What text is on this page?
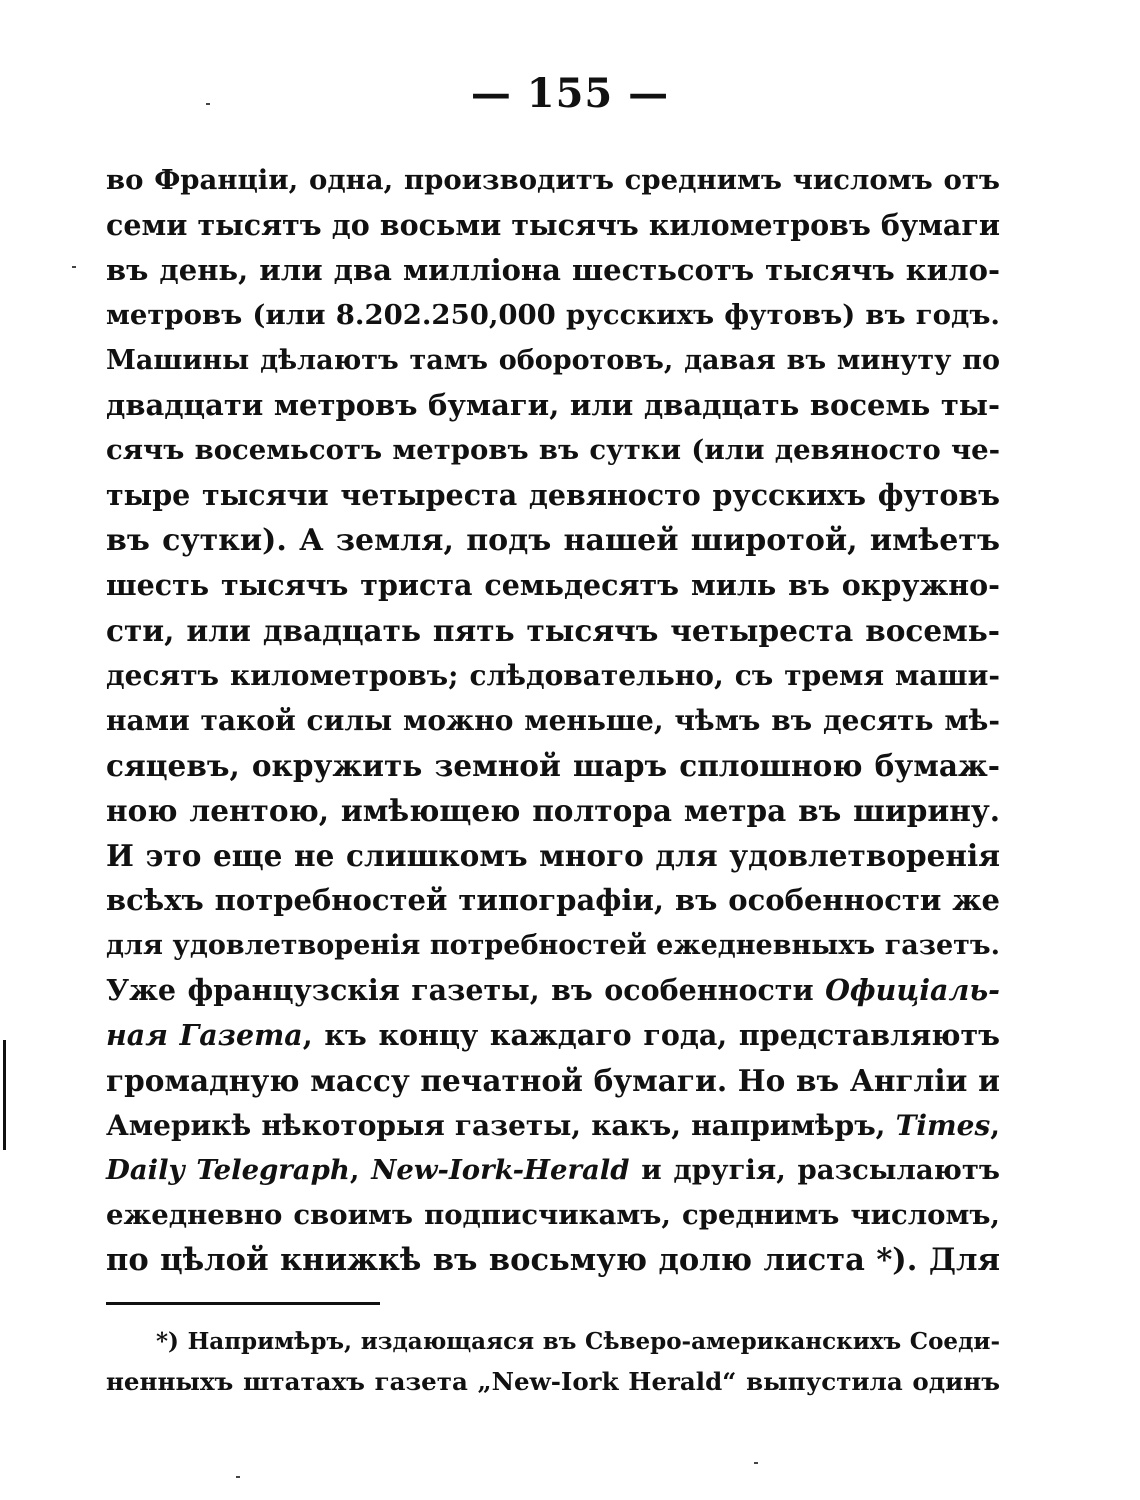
— 155 —
во Франціи, одна, производитъ среднимъ числомъ отъ
семи тысятъ до восьми тысячъ километровъ бумаги
въ день, или два милліона шестьсотъ тысячъ кило-
метровъ (или 8.202.250,000 русскихъ футовъ) въ годъ.
Машины дѣлаютъ тамъ оборотовъ, давая въ минуту по
двадцати метровъ бумаги, или двадцать восемь ты-
сячъ восемьсотъ метровъ въ сутки (или девяносто че-
тыре тысячи четыреста девяносто русскихъ футовъ
въ сутки). А земля, подъ нашей широтой, имѣетъ
шесть тысячъ триста семьдесятъ миль въ окружно-
сти, или двадцать пять тысячъ четыреста восемь-
десятъ километровъ; слѣдовательно, съ тремя маши-
нами такой силы можно меньше, чѣмъ въ десять мѣ-
сяцевъ, окружить земной шаръ сплошною бумаж-
ною лентою, имѣющею полтора метра въ ширину.
И это еще не слишкомъ много для удовлетворенія
всѣхъ потребностей типографіи, въ особенности же
для удовлетворенія потребностей ежедневныхъ газетъ.
Уже французскія газеты, въ особенности Офиціаль-
ная Газета, къ концу каждаго года, представляютъ
громадную массу печатной бумаги. Но въ Англіи и
Америкѣ нѣкоторыя газеты, какъ, напримѣръ, Times,
Daily Telegraph, New-Iork-Herald и другія, разсылаютъ
ежедневно своимъ подписчикамъ, среднимъ числомъ,
по цѣлой книжкѣ въ восьмую долю листа *). Для
*) Напримѣръ, издающаяся въ Сѣверо-американскихъ Соеди-
ненныхъ штатахъ газета „New-Iork Herald“ выпустила одинъ
